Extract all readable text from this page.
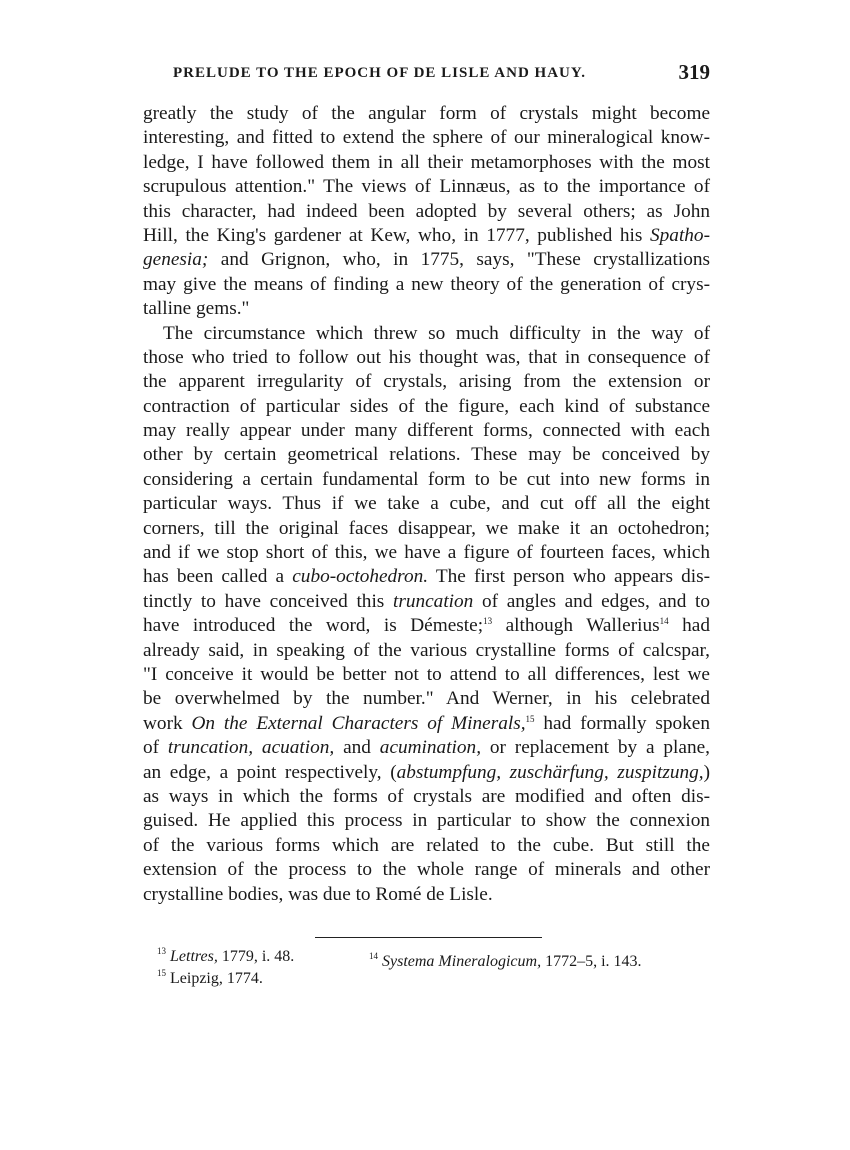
PRELUDE TO THE EPOCH OF DE LISLE AND HAUY.	319
greatly the study of the angular form of crystals might become
interesting, and fitted to extend the sphere of our mineralogical know-
ledge, I have followed them in all their metamorphoses with the most
scrupulous attention." The views of Linnæus, as to the importance of
this character, had indeed been adopted by several others; as John
Hill, the King's gardener at Kew, who, in 1777, published his Spatho-
genesia; and Grignon, who, in 1775, says, "These crystallizations
may give the means of finding a new theory of the generation of crys-
talline gems."
The circumstance which threw so much difficulty in the way of
those who tried to follow out his thought was, that in consequence of
the apparent irregularity of crystals, arising from the extension or
contraction of particular sides of the figure, each kind of substance
may really appear under many different forms, connected with each
other by certain geometrical relations. These may be conceived by
considering a certain fundamental form to be cut into new forms in
particular ways. Thus if we take a cube, and cut off all the eight
corners, till the original faces disappear, we make it an octohedron;
and if we stop short of this, we have a figure of fourteen faces, which
has been called a cubo-octohedron. The first person who appears dis-
tinctly to have conceived this truncation of angles and edges, and to
have introduced the word, is Démeste;$^{13}$ although Wallerius$^{14}$ had
already said, in speaking of the various crystalline forms of calcspar,
"I conceive it would be better not to attend to all differences, lest we
be overwhelmed by the number." And Werner, in his celebrated
work On the External Characters of Minerals,$^{15}$ had formally spoken
of truncation, acuation, and acumination, or replacement by a plane,
an edge, a point respectively, (abstumpfung, zuschärfung, zuspitzung,)
as ways in which the forms of crystals are modified and often dis-
guised. He applied this process in particular to show the connexion
of the various forms which are related to the cube. But still the
extension of the process to the whole range of minerals and other
crystalline bodies, was due to Romé de Lisle.
$^{13}$ Lettres, 1779, i. 48.
$^{15}$ Leipzig, 1774.
$^{14}$ Systema Mineralogicum, 1772–5, i. 143.
